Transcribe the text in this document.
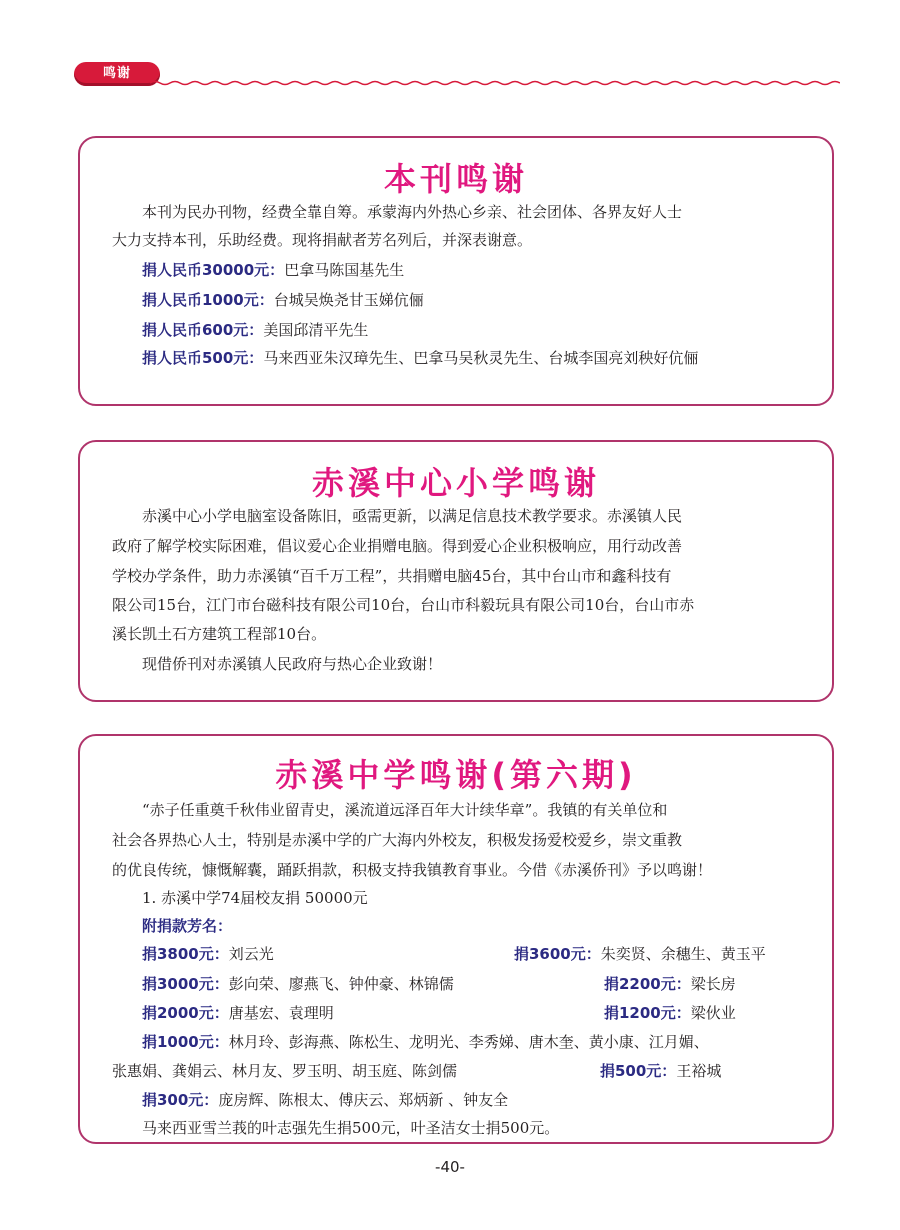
鸣谢
本刊鸣谢
本刊为民办刊物，经费全靠自筹。承蒙海内外热心乡亲、社会团体、各界友好人士
大力支持本刊，乐助经费。现将捐献者芳名列后，并深表谢意。
捐人民币30000元：巴拿马陈国基先生
捐人民币1000元：台城吴焕尧甘玉娣伉俪
捐人民币600元：美国邱清平先生
捐人民币500元：马来西亚朱汉璋先生、巴拿马吴秋灵先生、台城李国亮刘秧好伉俪
赤溪中心小学鸣谢
赤溪中心小学电脑室设备陈旧，亟需更新，以满足信息技术教学要求。赤溪镇人民
政府了解学校实际困难，倡议爱心企业捐赠电脑。得到爱心企业积极响应，用行动改善
学校办学条件，助力赤溪镇“百千万工程”，共捐赠电脑45台，其中台山市和鑫科技有
限公司15台，江门市台磁科技有限公司10台，台山市科毅玩具有限公司10台，台山市赤
溪长凯土石方建筑工程部10台。
现借侨刊对赤溪镇人民政府与热心企业致谢！
赤溪中学鸣谢(第六期)
“赤子任重奠千秋伟业留青史，溪流道远泽百年大计续华章”。我镇的有关单位和
社会各界热心人士，特别是赤溪中学的广大海内外校友，积极发扬爱校爱乡，崇文重教
的优良传统，慷慨解囊，踊跃捐款，积极支持我镇教育事业。今借《赤溪侨刊》予以鸣谢！
1. 赤溪中学74届校友捐 50000元
附捐款芳名：
捐3800元：刘云光	捐3600元：朱奕贤、余穗生、黄玉平
捐3000元：彭向荣、廖燕飞、钟仲豪、林锦儒	捐2200元：梁长房
捐2000元：唐基宏、袁理明	捐1200元：梁伙业
捐1000元：林月玲、彭海燕、陈松生、龙明光、李秀娣、唐木奎、黄小康、江月媚、
张惠娟、龚娟云、林月友、罗玉明、胡玉庭、陈剑儒	捐500元：王裕城
捐300元：庞房辉、陈根太、傅庆云、郑炳新 、钟友全
马来西亚雪兰莪的叶志强先生捐500元，叶圣洁女士捐500元。
-40-
